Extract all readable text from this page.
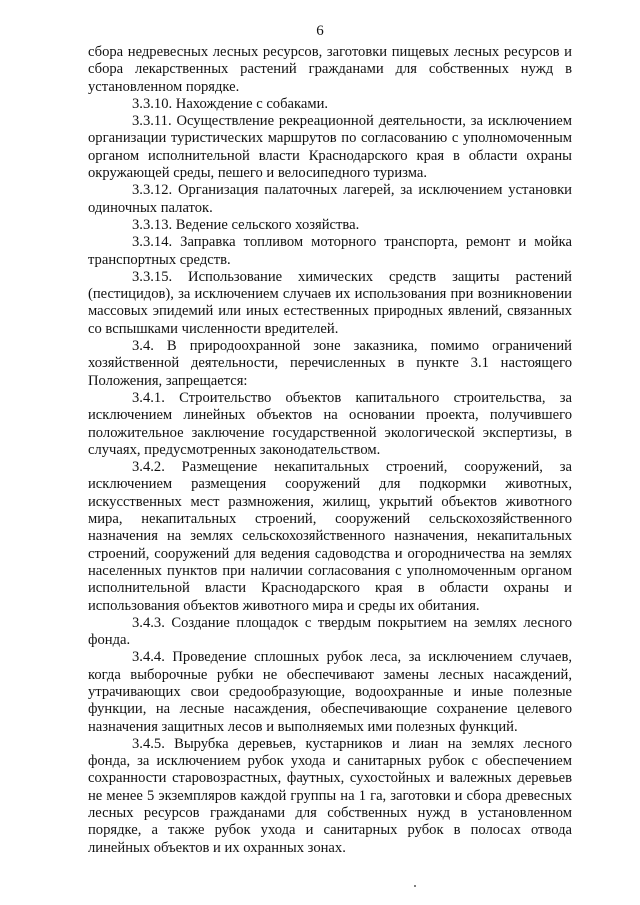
6

сбора недревесных лесных ресурсов, заготовки пищевых лесных ресурсов и сбора лекарственных растений гражданами для собственных нужд в установленном порядке.

3.3.10. Нахождение с собаками.

3.3.11. Осуществление рекреационной деятельности, за исключением организации туристических маршрутов по согласованию с уполномоченным органом исполнительной власти Краснодарского края в области охраны окружающей среды, пешего и велосипедного туризма.

3.3.12. Организация палаточных лагерей, за исключением установки одиночных палаток.

3.3.13. Ведение сельского хозяйства.

3.3.14. Заправка топливом моторного транспорта, ремонт и мойка транспортных средств.

3.3.15. Использование химических средств защиты растений (пестицидов), за исключением случаев их использования при возникновении массовых эпидемий или иных естественных природных явлений, связанных со вспышками численности вредителей.

3.4. В природоохранной зоне заказника, помимо ограничений хозяйственной деятельности, перечисленных в пункте 3.1 настоящего Положения, запрещается:

3.4.1. Строительство объектов капитального строительства, за исключением линейных объектов на основании проекта, получившего положительное заключение государственной экологической экспертизы, в случаях, предусмотренных законодательством.

3.4.2. Размещение некапитальных строений, сооружений, за исключением размещения сооружений для подкормки животных, искусственных мест размножения, жилищ, укрытий объектов животного мира, некапитальных строений, сооружений сельскохозяйственного назначения на землях сельскохозяйственного назначения, некапитальных строений, сооружений для ведения садоводства и огородничества на землях населенных пунктов при наличии согласования с уполномоченным органом исполнительной власти Краснодарского края в области охраны и использования объектов животного мира и среды их обитания.

3.4.3. Создание площадок с твердым покрытием на землях лесного фонда.

3.4.4. Проведение сплошных рубок леса, за исключением случаев, когда выборочные рубки не обеспечивают замены лесных насаждений, утрачивающих свои средообразующие, водоохранные и иные полезные функции, на лесные насаждения, обеспечивающие сохранение целевого назначения защитных лесов и выполняемых ими полезных функций.

3.4.5. Вырубка деревьев, кустарников и лиан на землях лесного фонда, за исключением рубок ухода и санитарных рубок с обеспечением сохранности старовозрастных, фаутных, сухостойных и валежных деревьев не менее 5 экземпляров каждой группы на 1 га, заготовки и сбора древесных лесных ресурсов гражданами для собственных нужд в установленном порядке, а также рубок ухода и санитарных рубок в полосах отвода линейных объектов и их охранных зонах.
